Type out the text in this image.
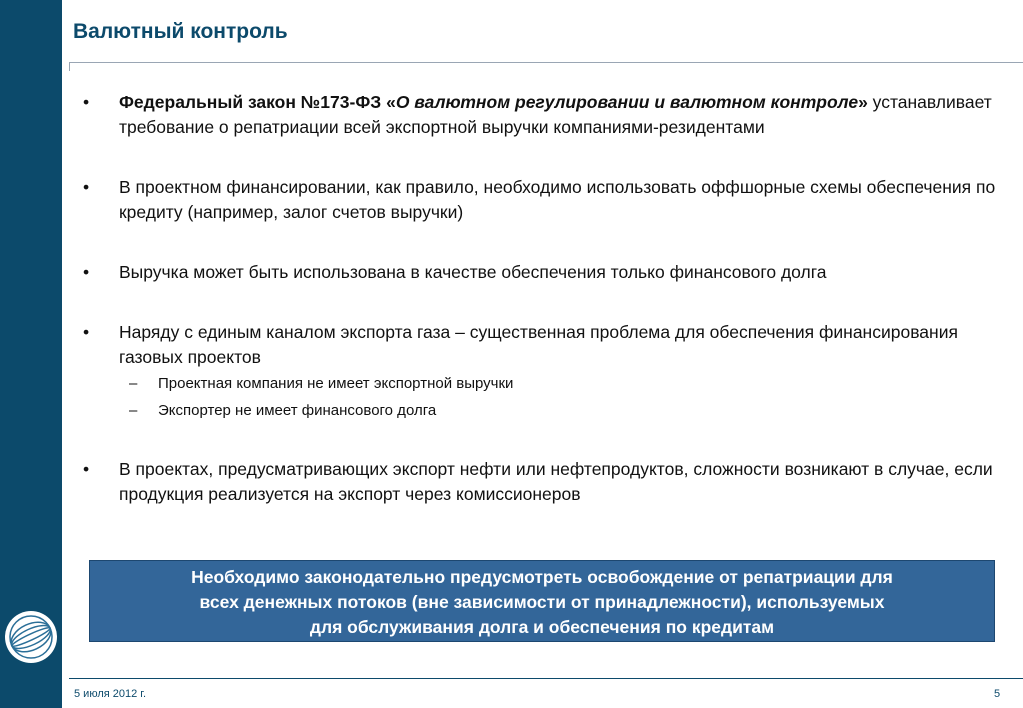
Валютный контроль
•	Федеральный закон №173-ФЗ «О валютном регулировании и валютном контроле» устанавливает требование о репатриации всей экспортной выручки компаниями-резидентами
•	В проектном финансировании, как правило, необходимо использовать оффшорные схемы обеспечения по кредиту (например, залог счетов выручки)
•	Выручка может быть использована в качестве обеспечения только финансового долга
•	Наряду с единым каналом экспорта газа – существенная проблема для обеспечения финансирования газовых проектов
– Проектная компания не имеет экспортной выручки
– Экспортер не имеет финансового долга
•	В проектах, предусматривающих экспорт нефти или нефтепродуктов, сложности возникают в случае, если продукция реализуется на экспорт через комиссионеров
Необходимо законодательно предусмотреть освобождение от репатриации для
всех денежных потоков (вне зависимости от принадлежности), используемых
для обслуживания долга и обеспечения по кредитам
5 июля 2012 г.	5
